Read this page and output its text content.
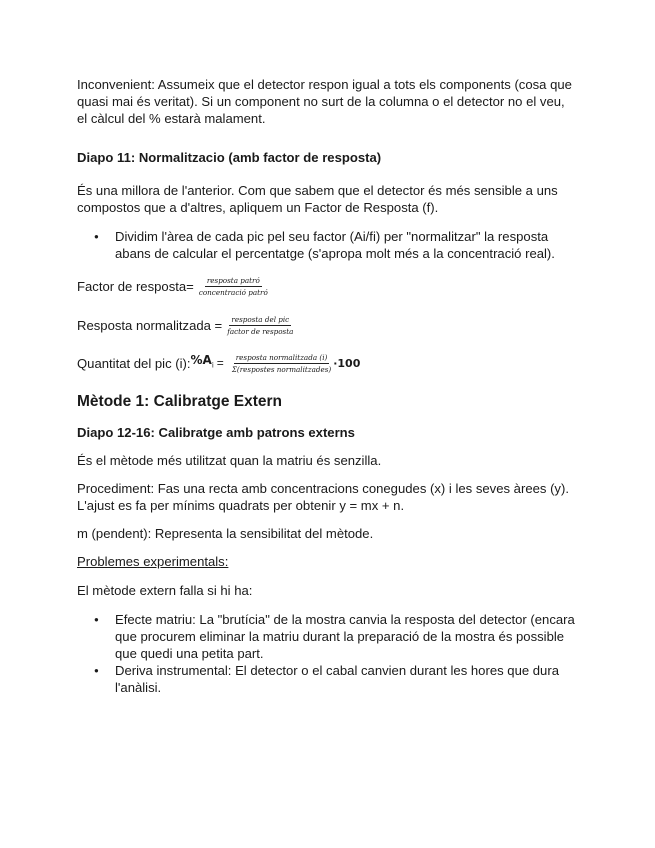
Inconvenient: Assumeix que el detector respon igual a tots els components (cosa que quasi mai és veritat). Si un component no surt de la columna o el detector no el veu, el càlcul del % estarà malament.

Diapo 11: Normalitzacio (amb factor de resposta)

És una millora de l'anterior. Com que sabem que el detector és més sensible a uns compostos que a d'altres, apliquem un Factor de Resposta (f).

● Dividim l'àrea de cada pic pel seu factor (Ai/fi) per "normalitzar" la resposta abans de calcular el percentatge (s'apropa molt més a la concentració real).
Factor de resposta= $\frac{\text{resposta patró}}{\text{concentració patró}}$
Resposta normalitzada = $\frac{\text{resposta del pic}}{\text{factor de resposta}}$
Quantitat del pic (i): $\%A_i = \frac{\text{resposta normalitzada (i)}}{\text{Σ(respostes normalitzades)}} \cdot 100$
Mètode 1: Calibratge Extern
Diapo 12-16: Calibratge amb patrons externs

És el mètode més utilitzat quan la matriu és senzilla.

Procediment: Fas una recta amb concentracions conegudes (x) i les seves àrees (y). L'ajust es fa per mínims quadrats per obtenir y = mx + n.

m (pendent): Representa la sensibilitat del mètode.

Problemes experimentals:

El mètode extern falla si hi ha:

● Efecte matriu: La "brutícia" de la mostra canvia la resposta del detector (encara que procurem eliminar la matriu durant la preparació de la mostra és possible que quedi una petita part.
● Deriva instrumental: El detector o el cabal canvien durant les hores que dura l'anàlisi.
